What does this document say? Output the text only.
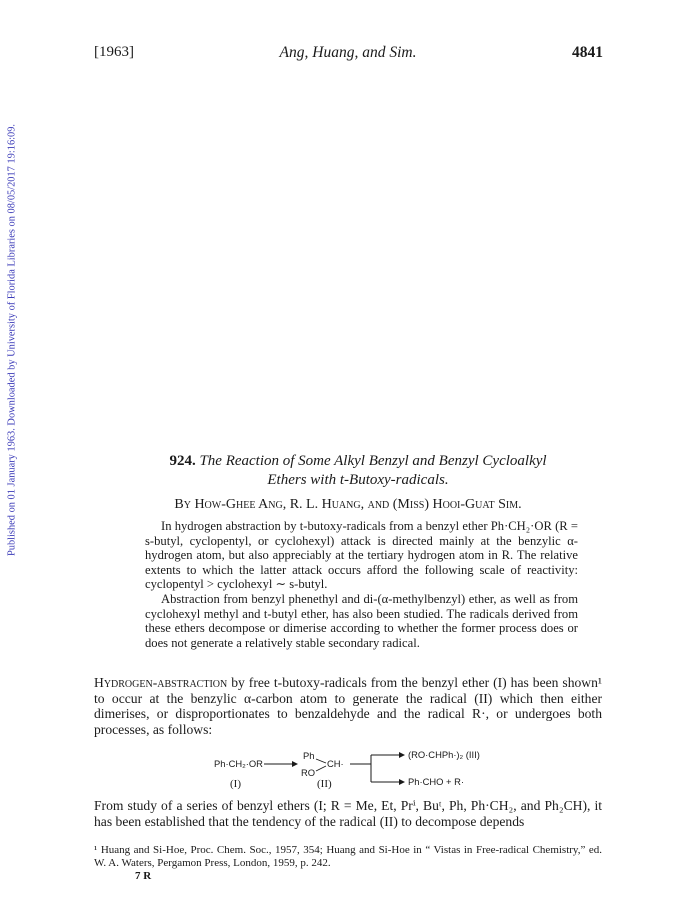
Published on 01 January 1963. Downloaded by University of Florida Libraries on 08/05/2017 19:16:09.
[1963]	Ang, Huang, and Sim.	4841
924. The Reaction of Some Alkyl Benzyl and Benzyl Cycloalkyl
Ethers with t-Butoxy-radicals.
By How-Ghee Ang, R. L. Huang, and (Miss) Hooi-Guat Sim.

In hydrogen abstraction by t-butoxy-radicals from a benzyl ether Ph·CH₂·OR (R = s-butyl, cyclopentyl, or cyclohexyl) attack is directed mainly at the benzylic α-hydrogen atom, but also appreciably at the tertiary hydrogen atom in R. The relative extents to which the latter attack occurs afford the following scale of reactivity: cyclopentyl > cyclohexyl ∼ s-butyl.

Abstraction from benzyl phenethyl and di-(α-methylbenzyl) ether, as well as from cyclohexyl methyl and t-butyl ether, has also been studied. The radicals derived from these ethers decompose or dimerise according to whether the former process does or does not generate a relatively stable secondary radical.

Hydrogen-abstraction by free t-butoxy-radicals from the benzyl ether (I) has been shown¹ to occur at the benzylic α-carbon atom to generate the radical (II) which then either dimerises, or disproportionates to benzaldehyde and the radical R·, or undergoes both processes, as follows:

Ph·CH₂·OR
Ph
CH·
RO
(RO·CHPh·)₂ (III)
Ph·CHO + R·
(I)	(II)

From study of a series of benzyl ethers (I; R = Me, Et, Prⁱ, Buᵗ, Ph, Ph·CH₂, and Ph₂CH), it has been established that the tendency of the radical (II) to decompose depends

¹ Huang and Si-Hoe, Proc. Chem. Soc., 1957, 354; Huang and Si-Hoe in “ Vistas in Free-radical Chemistry,” ed. W. A. Waters, Pergamon Press, London, 1959, p. 242.

7 R
